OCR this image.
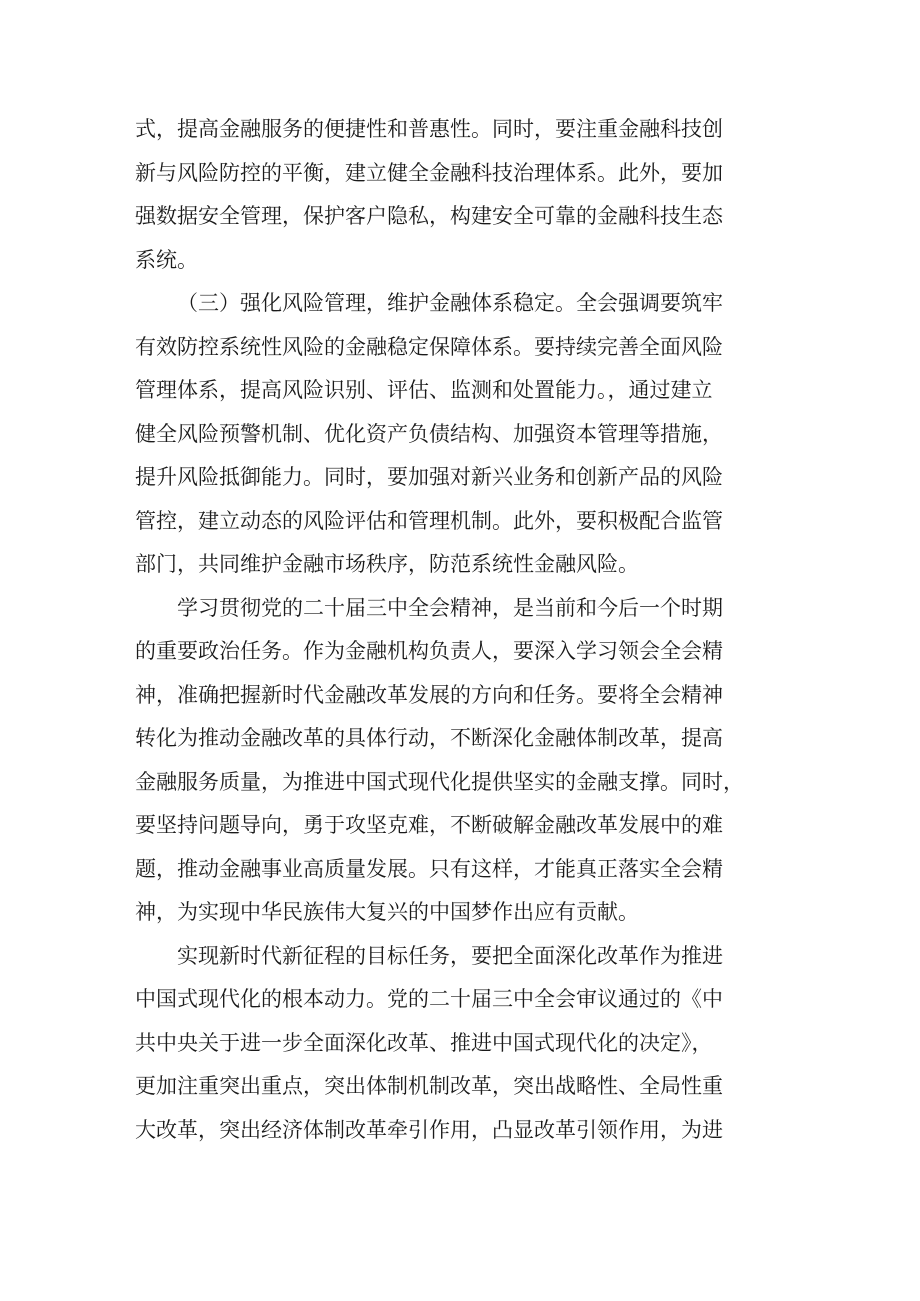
式，提高金融服务的便捷性和普惠性。同时，要注重金融科技创
新与风险防控的平衡，建立健全金融科技治理体系。此外，要加
强数据安全管理，保护客户隐私，构建安全可靠的金融科技生态
系统。
（三）强化风险管理，维护金融体系稳定。全会强调要筑牢
有效防控系统性风险的金融稳定保障体系。要持续完善全面风险
管理体系，提高风险识别、评估、监测和处置能力。，通过建立
健全风险预警机制、优化资产负债结构、加强资本管理等措施，
提升风险抵御能力。同时，要加强对新兴业务和创新产品的风险
管控，建立动态的风险评估和管理机制。此外，要积极配合监管
部门，共同维护金融市场秩序，防范系统性金融风险。
学习贯彻党的二十届三中全会精神，是当前和今后一个时期
的重要政治任务。作为金融机构负责人，要深入学习领会全会精
神，准确把握新时代金融改革发展的方向和任务。要将全会精神
转化为推动金融改革的具体行动，不断深化金融体制改革，提高
金融服务质量，为推进中国式现代化提供坚实的金融支撑。同时，
要坚持问题导向，勇于攻坚克难，不断破解金融改革发展中的难
题，推动金融事业高质量发展。只有这样，才能真正落实全会精
神，为实现中华民族伟大复兴的中国梦作出应有贡献。
实现新时代新征程的目标任务，要把全面深化改革作为推进
中国式现代化的根本动力。党的二十届三中全会审议通过的《中
共中央关于进一步全面深化改革、推进中国式现代化的决定》，
更加注重突出重点，突出体制机制改革，突出战略性、全局性重
大改革，突出经济体制改革牵引作用，凸显改革引领作用，为进
